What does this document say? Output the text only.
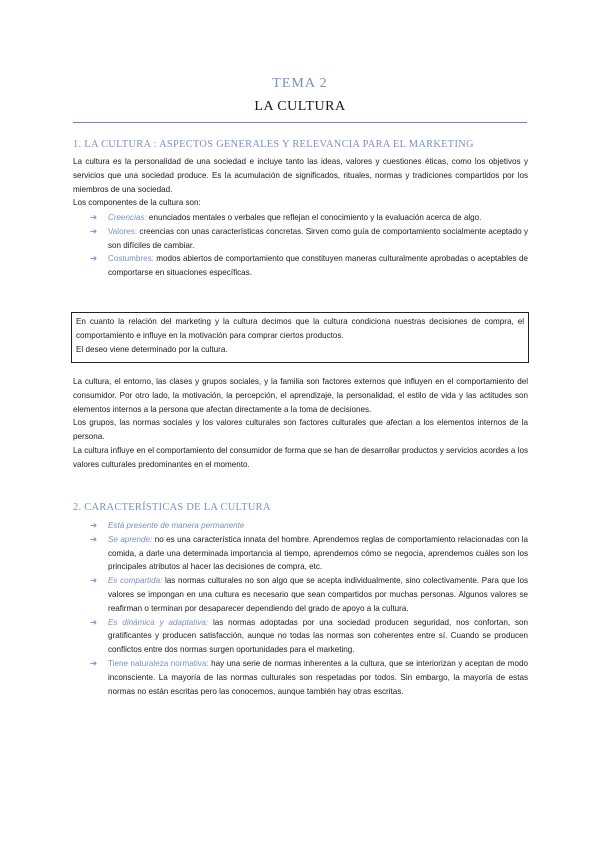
TEMA 2
LA CULTURA
1. LA CULTURA : ASPECTOS GENERALES Y RELEVANCIA PARA EL MARKETING

La cultura es la personalidad de una sociedad e incluye tanto las ideas, valores y cuestiones éticas, como los objetivos y servicios que una sociedad produce. Es la acumulación de significados, rituales, normas y tradiciones compartidos por los miembros de una sociedad.

Los componentes de la cultura son:

➔ Creencias: enunciados mentales o verbales que reflejan el conocimiento y la evaluación acerca de algo.
➔ Valores: creencias con unas características concretas. Sirven como guía de comportamiento socialmente aceptado y son difíciles de cambiar.
➔ Costumbres: modos abiertos de comportamiento que constituyen maneras culturalmente aprobadas o aceptables de comportarse en situaciones específicas.

En cuanto la relación del marketing y la cultura decimos que la cultura condiciona nuestras decisiones de compra, el comportamiento e influye en la motivación para comprar ciertos productos.

El deseo viene determinado por la cultura.

La cultura, el entorno, las clases y grupos sociales, y la familia son factores externos que influyen en el comportamiento del consumidor. Por otro lado, la motivación, la percepción, el aprendizaje, la personalidad, el estilo de vida y las actitudes son elementos internos a la persona que afectan directamente a la toma de decisiones.

Los grupos, las normas sociales y los valores culturales son factores culturales que afectan a los elementos internos de la persona.

La cultura influye en el comportamiento del consumidor de forma que se han de desarrollar productos y servicios acordes a los valores culturales predominantes en el momento.

2. CARACTERÍSTICAS DE LA CULTURA
➔ Está presente de manera permanente
➔ Se aprende: no es una característica innata del hombre. Aprendemos reglas de comportamiento relacionadas con la comida, a darle una determinada importancia al tiempo, aprendemos cómo se negocia, aprendemos cuáles son los principales atributos al hacer las decisiones de compra, etc.
➔ Es compartida: las normas culturales no son algo que se acepta individualmente, sino colectivamente. Para que los valores se impongan en una cultura es necesario que sean compartidos por muchas personas. Algunos valores se reafirman o terminan por desaparecer dependiendo del grado de apoyo a la cultura.
➔ Es dinámica y adaptativa: las normas adoptadas por una sociedad producen seguridad, nos confortan, son gratificantes y producen satisfacción, aunque no todas las normas son coherentes entre sí. Cuando se producen conflictos entre dos normas surgen oportunidades para el marketing.
➔ Tiene naturaleza normativa: hay una serie de normas inherentes a la cultura, que se interiorizan y aceptan de modo inconsciente. La mayoría de las normas culturales son respetadas por todos. Sin embargo, la mayoría de estas normas no están escritas pero las conocemos, aunque también hay otras escritas.
